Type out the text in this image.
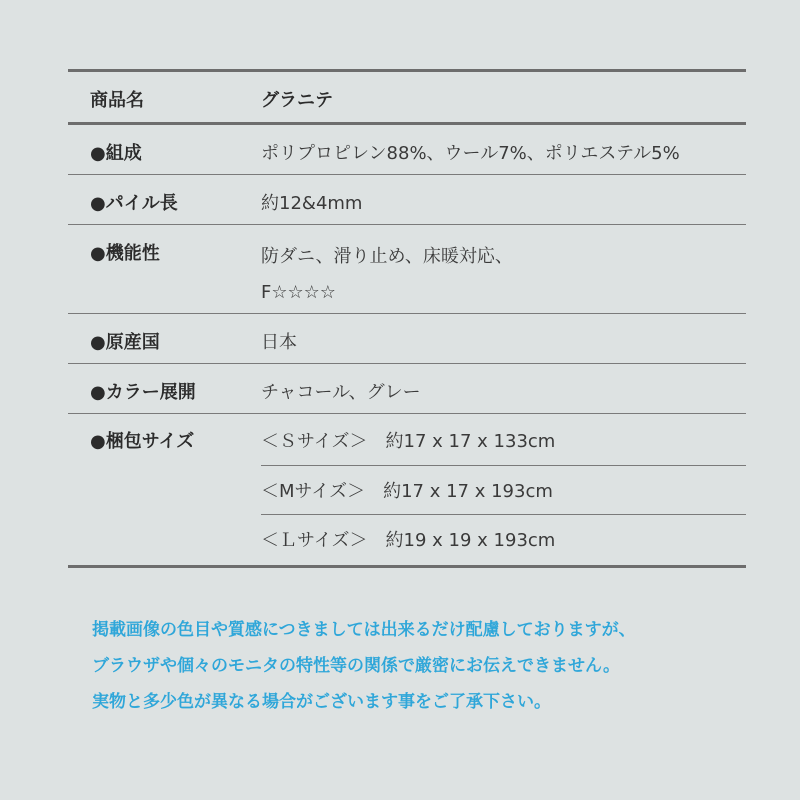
商品名	グラニテ
●組成	ポリプロピレン88%、ウール7%、ポリエステル5%
●パイル長	約12&4mm
●機能性	防ダニ、滑り止め、床暖対応、
F☆☆☆☆
●原産国	日本
●カラー展開	チャコール、グレー
●梱包サイズ	＜Ｓサイズ＞　約17 x 17 x 133cm
＜Mサイズ＞　約17 x 17 x 193cm
＜Ｌサイズ＞　約19 x 19 x 193cm

掲載画像の色目や質感につきましては出来るだけ配慮しておりますが、

ブラウザや個々のモニタの特性等の関係で厳密にお伝えできません。

実物と多少色が異なる場合がございます事をご了承下さい。
